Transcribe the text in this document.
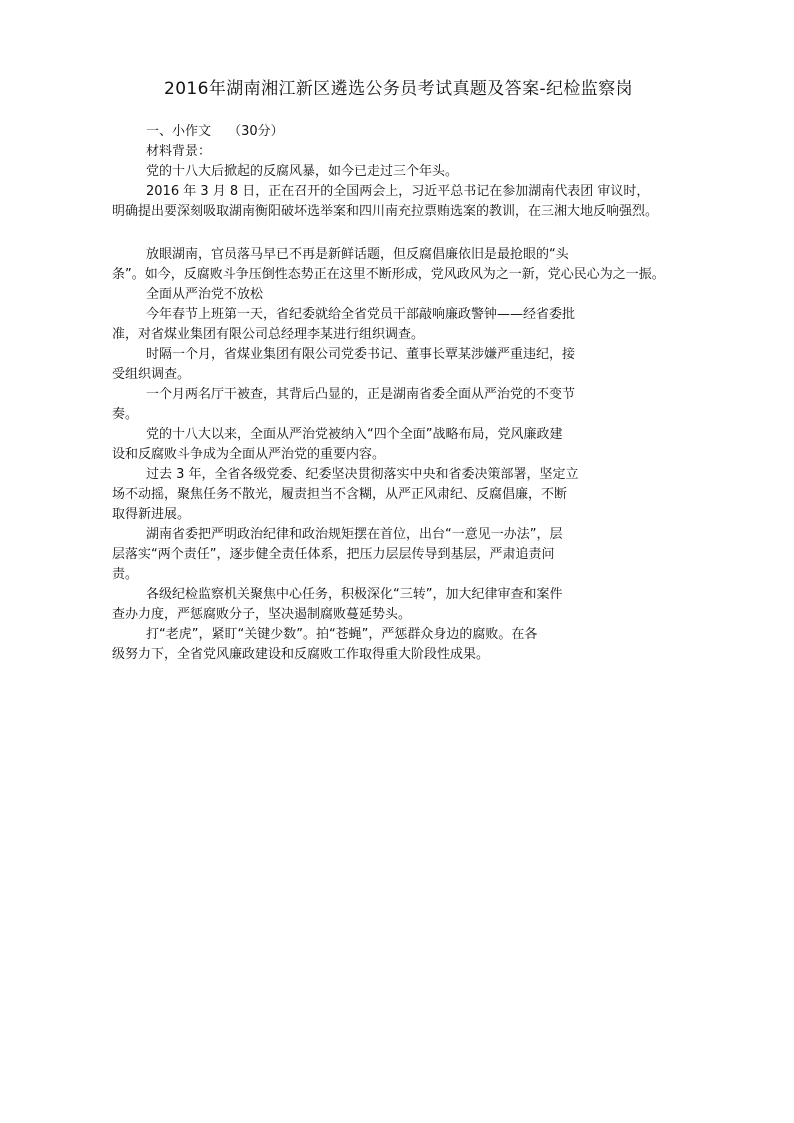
2016年湖南湘江新区遴选公务员考试真题及答案-纪检监察岗
一、小作文　 （30分）
材料背景：
党的十八大后掀起的反腐风暴，如今已走过三个年头。
2016 年 3 月 8 日，正在召开的全国两会上，习近平总书记在参加湖南代表团 审议时，
明确提出要深刻吸取湖南衡阳破坏选举案和四川南充拉票贿选案的教训，在三湘大地反响强烈。
放眼湖南，官员落马早已不再是新鲜话题，但反腐倡廉依旧是最抢眼的“头
条”。如今，反腐败斗争压倒性态势正在这里不断形成，党风政风为之一新，党心民心为之一振。
全面从严治党不放松
今年春节上班第一天，省纪委就给全省党员干部敲响廉政警钟——经省委批
准，对省煤业集团有限公司总经理李某进行组织调查。
时隔一个月，省煤业集团有限公司党委书记、董事长覃某涉嫌严重违纪，接
受组织调查。
一个月两名厅干被查，其背后凸显的，正是湖南省委全面从严治党的不变节
奏。
党的十八大以来，全面从严治党被纳入“四个全面”战略布局，党风廉政建
设和反腐败斗争成为全面从严治党的重要内容。
过去 3 年，全省各级党委、纪委坚决贯彻落实中央和省委决策部署，坚定立
场不动摇，聚焦任务不散光，履责担当不含糊，从严正风肃纪、反腐倡廉，不断
取得新进展。
湖南省委把严明政治纪律和政治规矩摆在首位，出台“一意见一办法”，层
层落实“两个责任”，逐步健全责任体系，把压力层层传导到基层，严肃追责问
责。
各级纪检监察机关聚焦中心任务，积极深化“三转”，加大纪律审查和案件
查办力度，严惩腐败分子，坚决遏制腐败蔓延势头。
打“老虎”，紧盯“关键少数”。拍“苍蝇”，严惩群众身边的腐败。在各
级努力下，全省党风廉政建设和反腐败工作取得重大阶段性成果。
